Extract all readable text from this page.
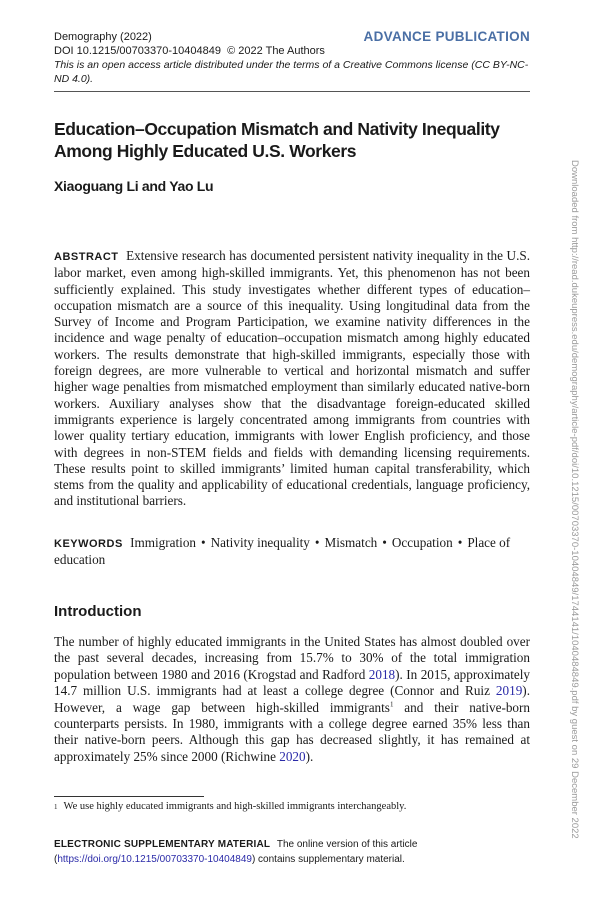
Demography (2022)	ADVANCE PUBLICATION
DOI 10.1215/00703370-10404849 © 2022 The Authors
This is an open access article distributed under the terms of a Creative Commons license (CC BY-NC-ND 4.0).
Education–Occupation Mismatch and Nativity Inequality
Among Highly Educated U.S. Workers
Xiaoguang Li and Yao Lu
ABSTRACT Extensive research has documented persistent nativity inequality in the U.S. labor market, even among high-skilled immigrants. Yet, this phenomenon has not been sufficiently explained. This study investigates whether different types of education–occupation mismatch are a source of this inequality. Using longitudinal data from the Survey of Income and Program Participation, we examine nativity differences in the incidence and wage penalty of education–occupation mismatch among highly educated workers. The results demonstrate that high-skilled immigrants, especially those with foreign degrees, are more vulnerable to vertical and horizontal mismatch and suffer higher wage penalties from mismatched employment than similarly educated native-born workers. Auxiliary analyses show that the disadvantage foreign-educated skilled immigrants experience is largely concentrated among immigrants from countries with lower quality tertiary education, immigrants with lower English proficiency, and those with degrees in non-STEM fields and fields with demanding licensing requirements. These results point to skilled immigrants’ limited human capital transferability, which stems from the quality and applicability of educational credentials, language proficiency, and institutional barriers.
KEYWORDS Immigration • Nativity inequality • Mismatch • Occupation • Place of education
Introduction
The number of highly educated immigrants in the United States has almost doubled over the past several decades, increasing from 15.7% to 30% of the total immigration population between 1980 and 2016 (Krogstad and Radford 2018). In 2015, approximately 14.7 million U.S. immigrants had at least a college degree (Connor and Ruiz 2019). However, a wage gap between high-skilled immigrants$^1$ and their native-born counterparts persists. In 1980, immigrants with a college degree earned 35% less than their native-born peers. Although this gap has decreased slightly, it has remained at approximately 25% since 2000 (Richwine 2020).
$^1$ We use highly educated immigrants and high-skilled immigrants interchangeably.
ELECTRONIC SUPPLEMENTARY MATERIAL The online version of this article (https://doi.org/10.1215/00703370-10404849) contains supplementary material.
Downloaded from http://read.dukeupress.edu/demography/article-pdf/doi/10.1215/00703370-10404849/1744141/1040484849.pdf by guest on 29 December 2022
